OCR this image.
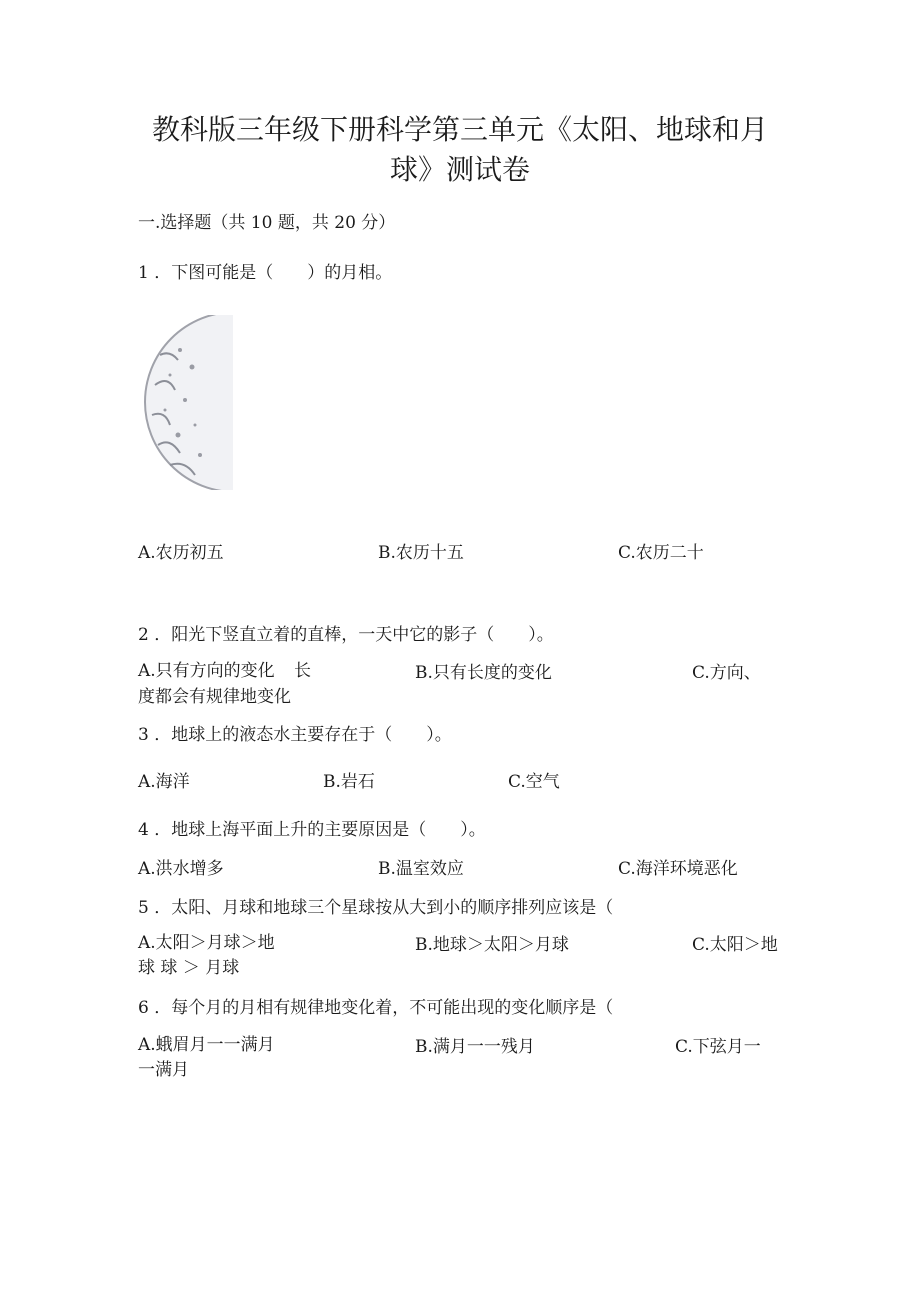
教科版三年级下册科学第三单元《太阳、地球和月
球》测试卷
一.选择题（共 10 题，共 20 分）
1 ．下图可能是（　　）的月相。
A.农历初五	B.农历十五	C.农历二十
2 ．阳光下竖直立着的直棒，一天中它的影子（　　）。
A.只有方向的变化 长	B.只有长度的变化	C.方向、
度都会有规律地变化
3 ．地球上的液态水主要存在于（　　）。
A.海洋	B.岩石	C.空气
4 ．地球上海平面上升的主要原因是（　　）。
A.洪水增多	B.温室效应	C.海洋环境恶化
5 ．太阳、月球和地球三个星球按从大到小的顺序排列应该是（
A.太阳＞月球＞地	B.地球＞太阳＞月球	C.太阳＞地
球 球 ＞ 月球
6 ．每个月的月相有规律地变化着，不可能出现的变化顺序是（
A.蛾眉月一一满月	B.满月一一残月	C.下弦月一
一满月
